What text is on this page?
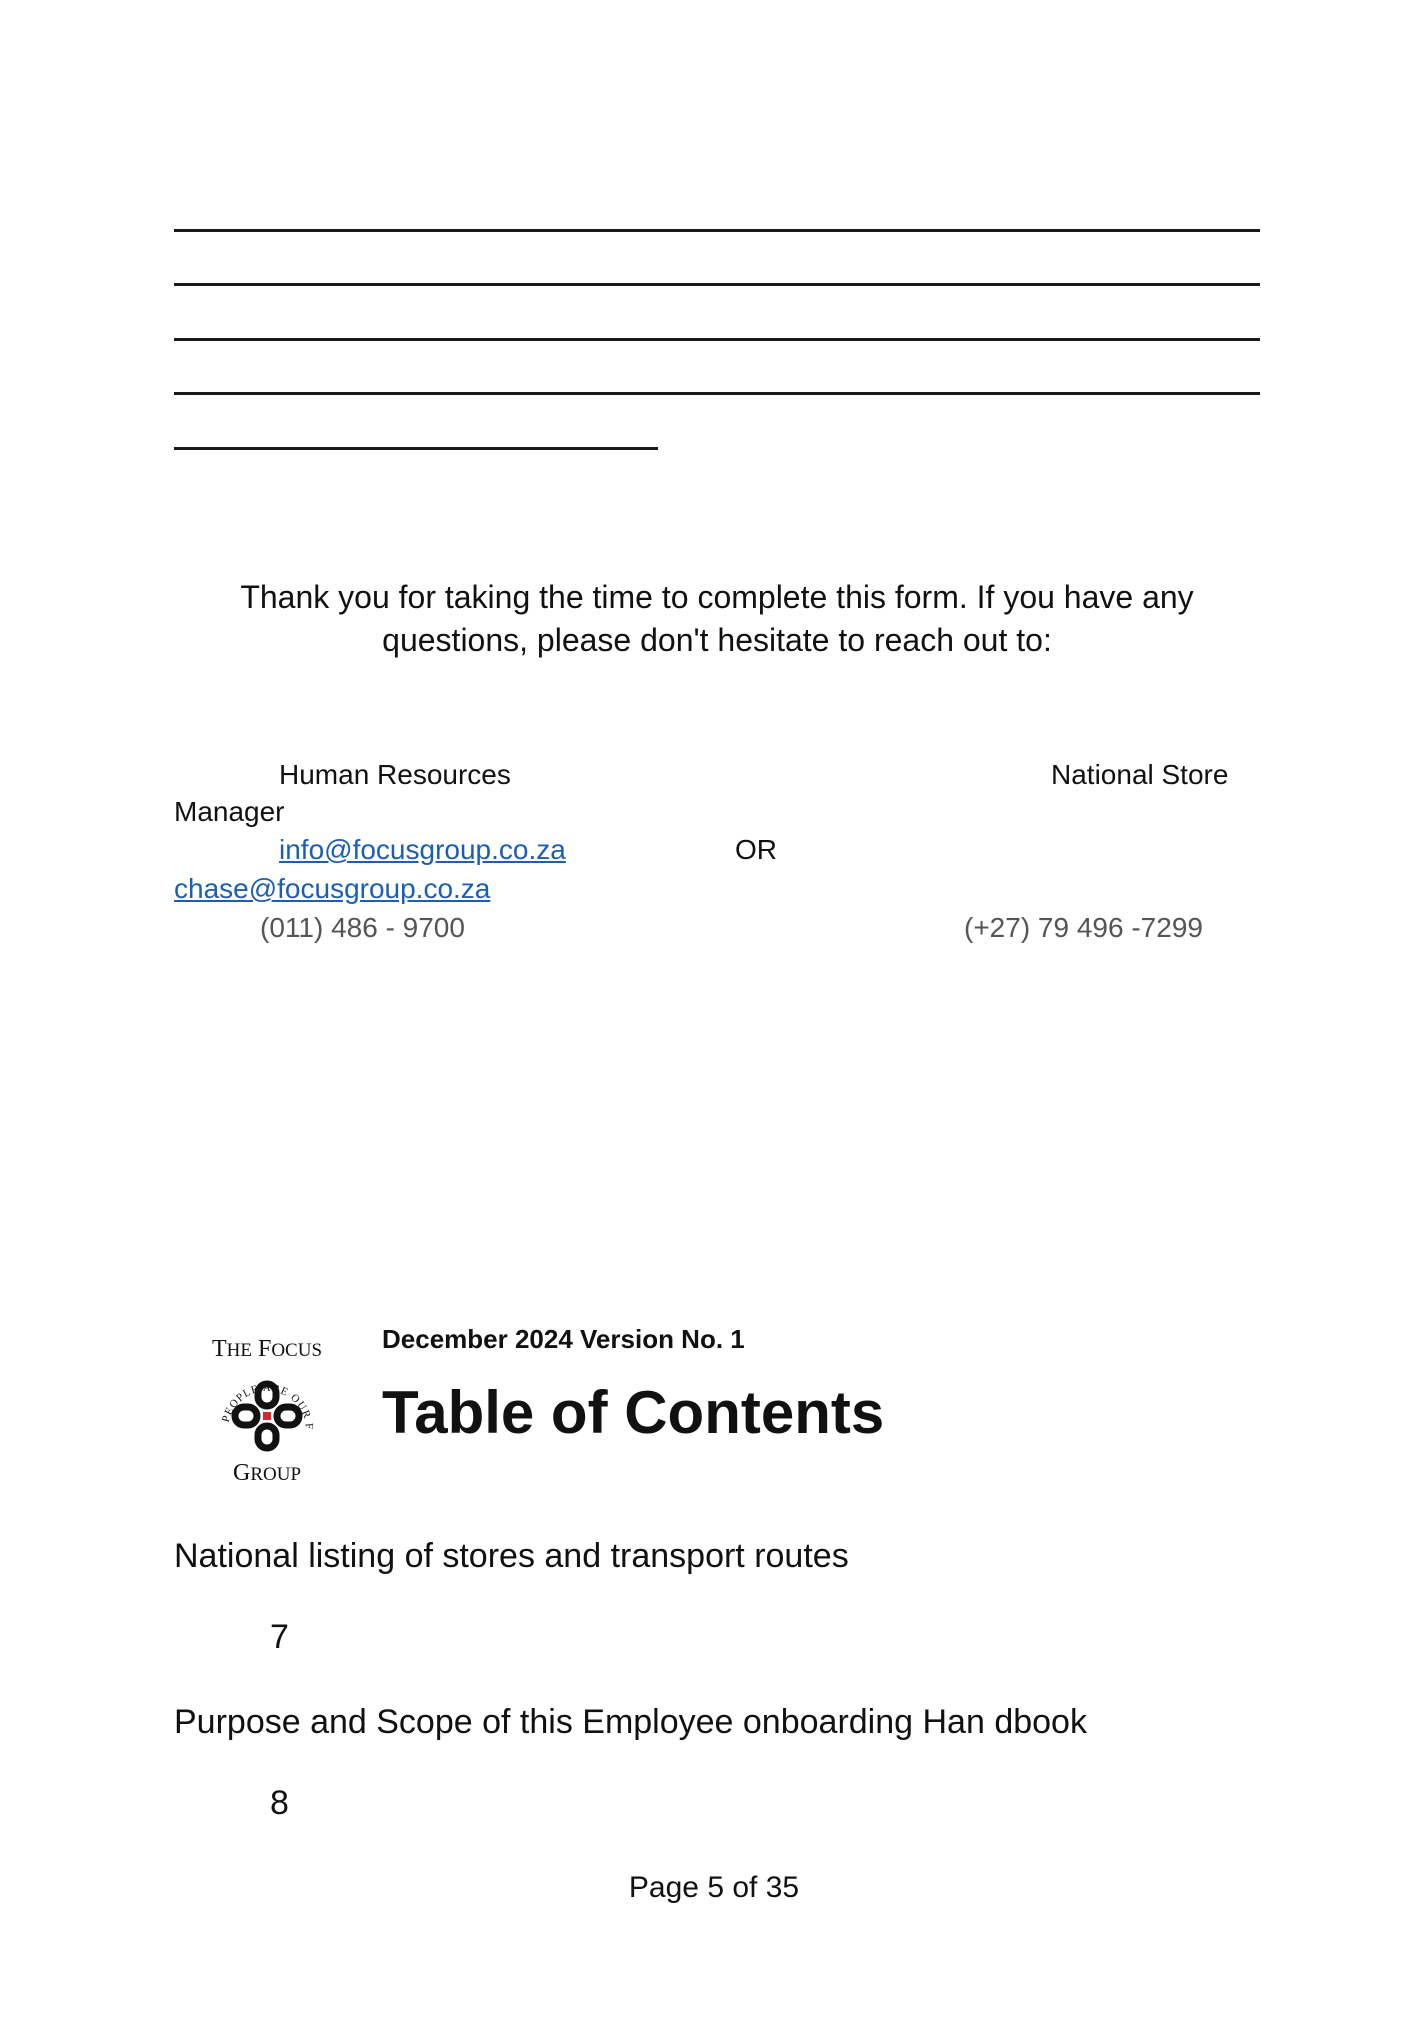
Thank you for taking the time to complete this form. If you have any questions, please don't hesitate to reach out to:
Human Resources	National Store
Manager
info@focusgroup.co.za	OR
chase@focusgroup.co.za
(011) 486 - 9700	(+27) 79 496 -7299
THE FOCUS
PEOPLE ARE OUR F
GROUP
December 2024 Version No. 1
Table of Contents
National listing of stores and transport routes
7
Purpose and Scope of this Employee onboarding Han dbook
8
Page 5 of 35
